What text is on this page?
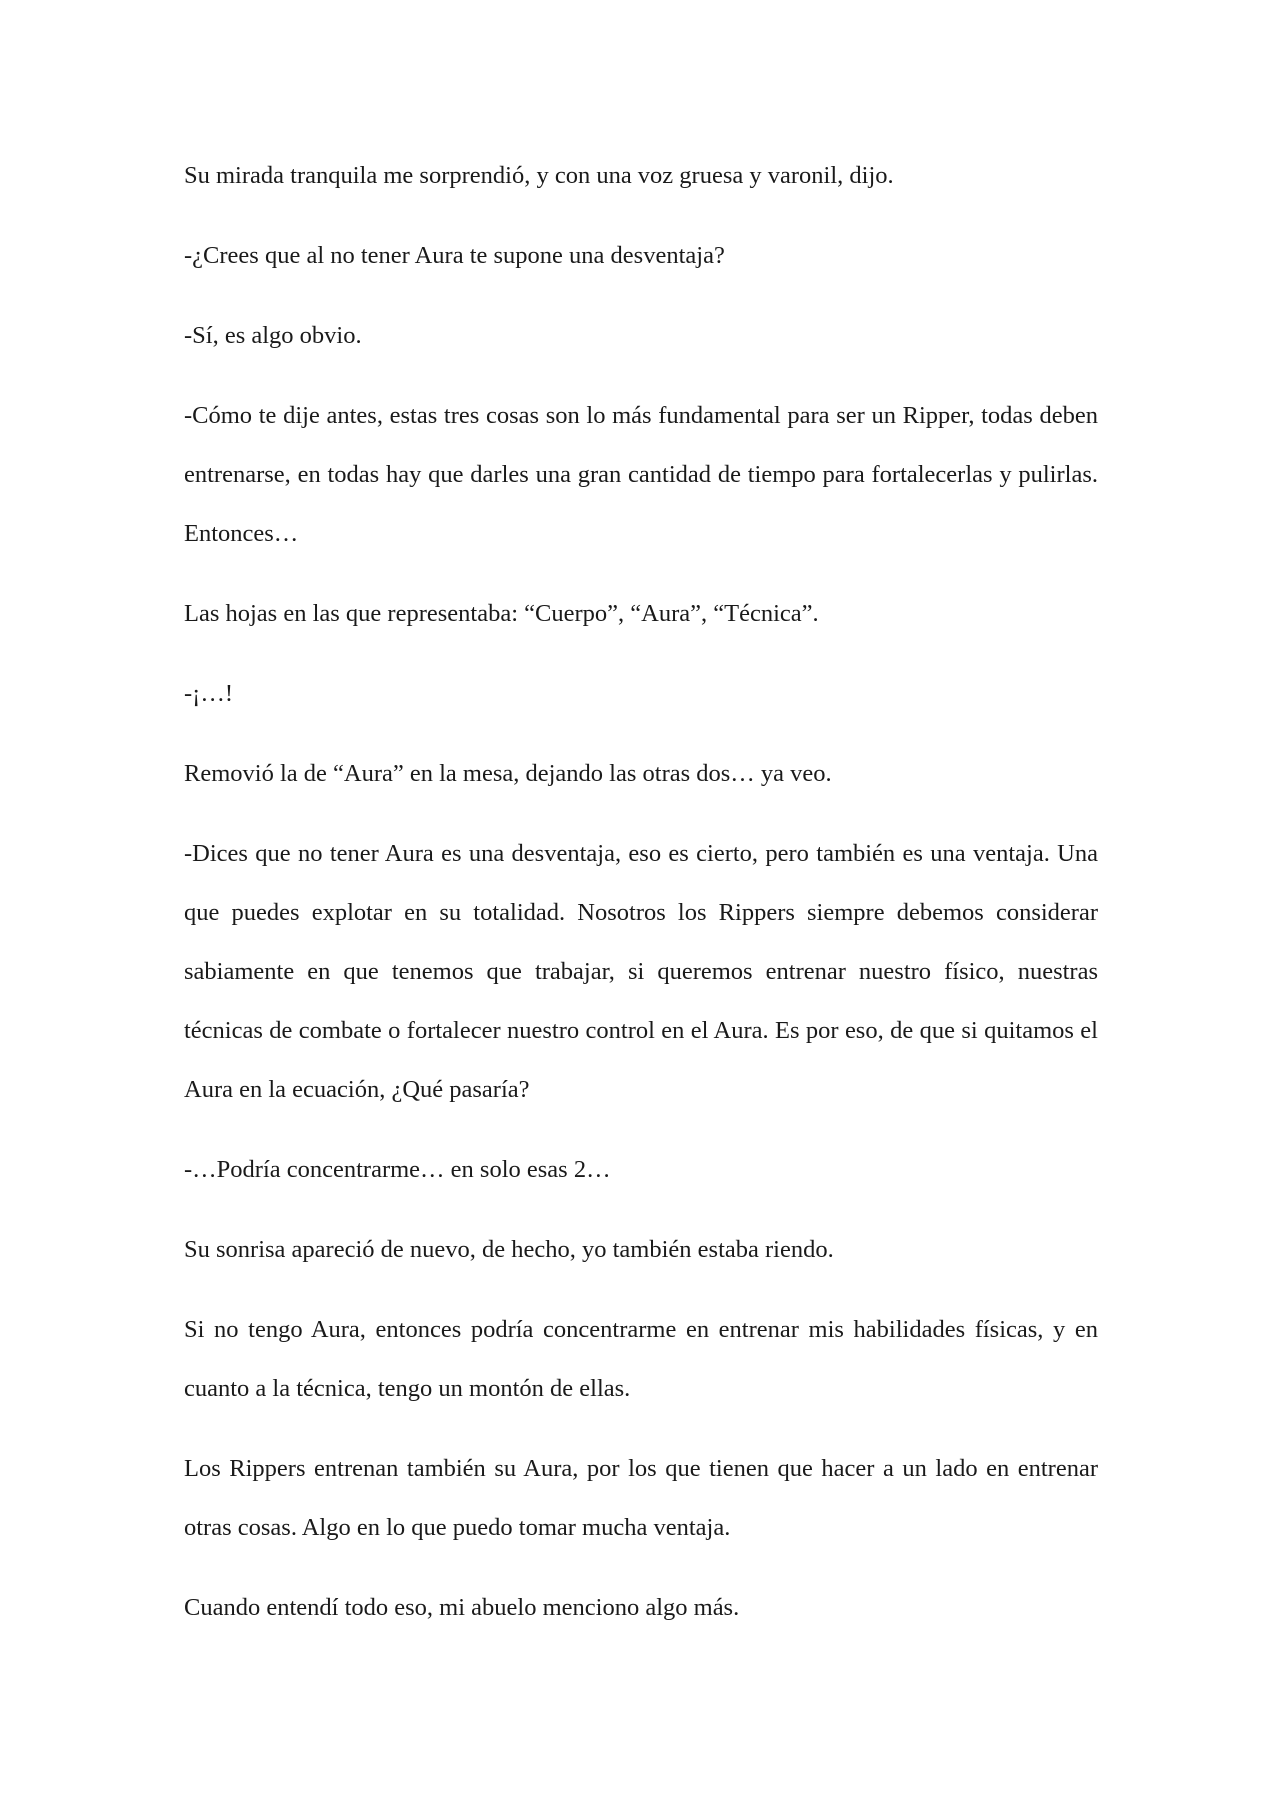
Su mirada tranquila me sorprendió, y con una voz gruesa y varonil, dijo.

-¿Crees que al no tener Aura te supone una desventaja?

-Sí, es algo obvio.

-Cómo te dije antes, estas tres cosas son lo más fundamental para ser un Ripper, todas deben entrenarse, en todas hay que darles una gran cantidad de tiempo para fortalecerlas y pulirlas. Entonces…

Las hojas en las que representaba: “Cuerpo”, “Aura”, “Técnica”.

-¡…!

Removió la de “Aura” en la mesa, dejando las otras dos… ya veo.

-Dices que no tener Aura es una desventaja, eso es cierto, pero también es una ventaja. Una que puedes explotar en su totalidad. Nosotros los Rippers siempre debemos considerar sabiamente en que tenemos que trabajar, si queremos entrenar nuestro físico, nuestras técnicas de combate o fortalecer nuestro control en el Aura. Es por eso, de que si quitamos el Aura en la ecuación, ¿Qué pasaría?

-…Podría concentrarme… en solo esas 2…

Su sonrisa apareció de nuevo, de hecho, yo también estaba riendo.

Si no tengo Aura, entonces podría concentrarme en entrenar mis habilidades físicas, y en cuanto a la técnica, tengo un montón de ellas.

Los Rippers entrenan también su Aura, por los que tienen que hacer a un lado en entrenar otras cosas. Algo en lo que puedo tomar mucha ventaja.

Cuando entendí todo eso, mi abuelo menciono algo más.
